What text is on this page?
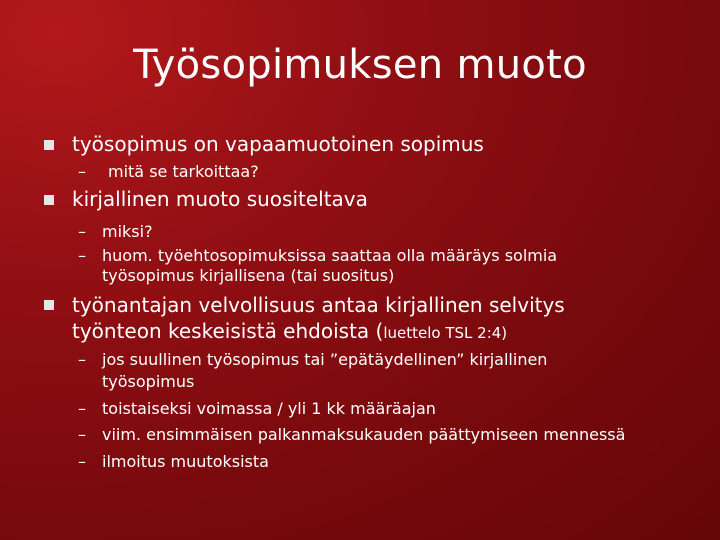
Työsopimuksen muoto
työsopimus on vapaamuotoinen sopimus
– mitä se tarkoittaa?
kirjallinen muoto suositeltava
– miksi?
– huom. työehtosopimuksissa saattaa olla määräys solmia
työsopimus kirjallisena (tai suositus)
työnantajan velvollisuus antaa kirjallinen selvitys
työnteon keskeisistä ehdoista (luettelo TSL 2:4)
– jos suullinen työsopimus tai ”epätäydellinen” kirjallinen
työsopimus
– toistaiseksi voimassa / yli 1 kk määräajan
– viim. ensimmäisen palkanmaksukauden päättymiseen mennessä
– ilmoitus muutoksista
